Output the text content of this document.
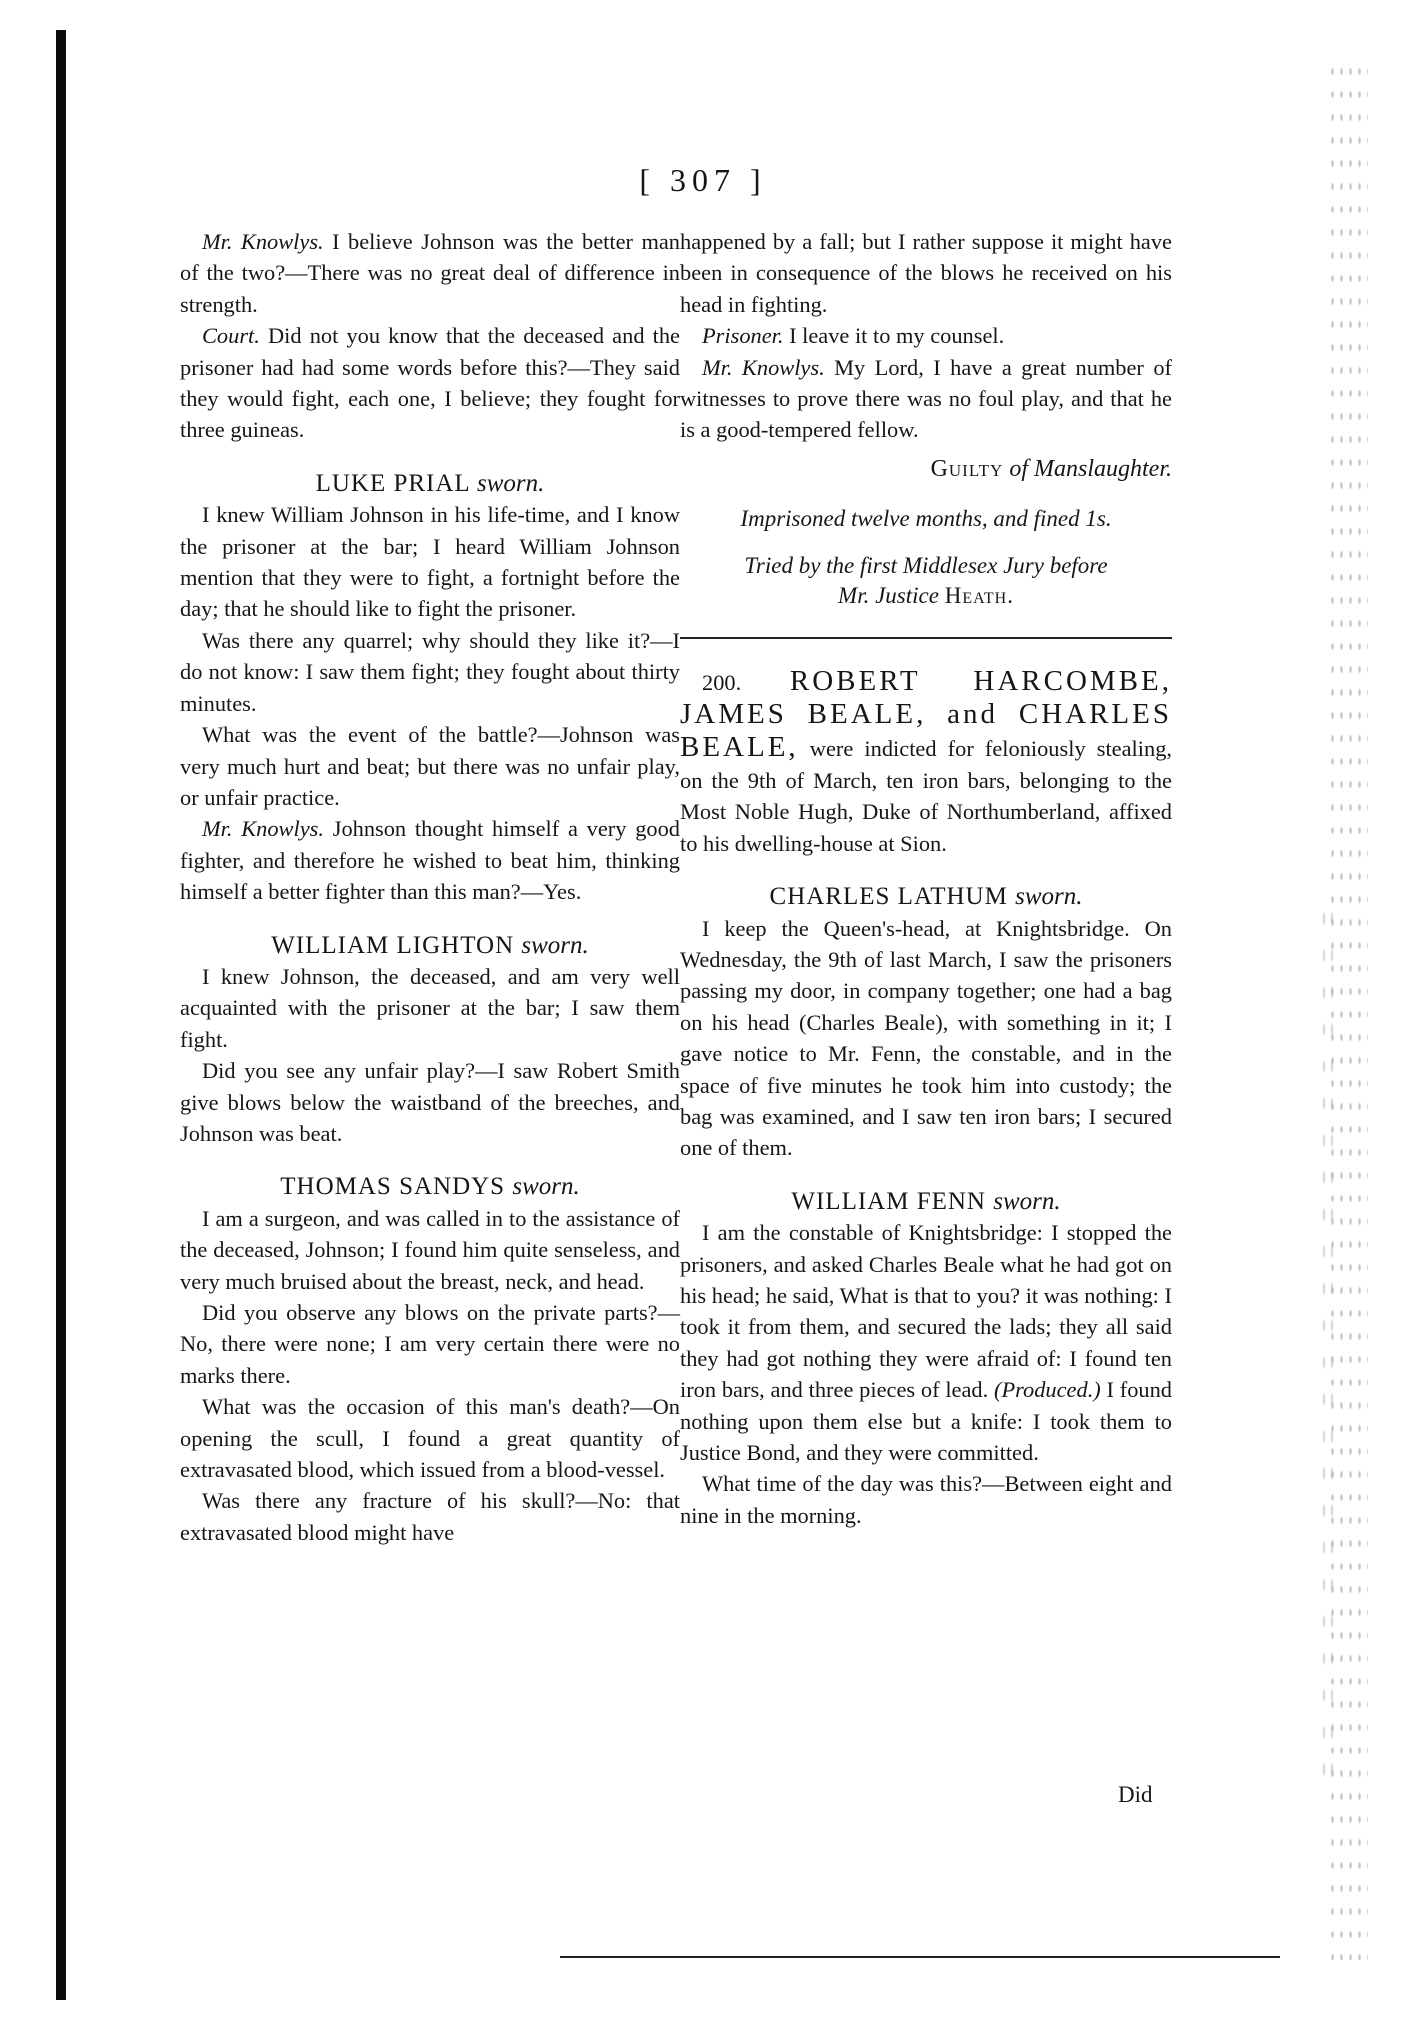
[ 307 ]

Mr. Knowlys. I believe Johnson was the better man of the two?—There was no great deal of difference in strength.

Court. Did not you know that the deceased and the prisoner had had some words before this?—They said they would fight, each one, I believe; they fought for three guineas.

LUKE PRIAL sworn.

I knew William Johnson in his life-time, and I know the prisoner at the bar; I heard William Johnson mention that they were to fight, a fortnight before the day; that he should like to fight the prisoner.

Was there any quarrel; why should they like it?—I do not know: I saw them fight; they fought about thirty minutes.

What was the event of the battle?—Johnson was very much hurt and beat; but there was no unfair play, or unfair practice.

Mr. Knowlys. Johnson thought himself a very good fighter, and therefore he wished to beat him, thinking himself a better fighter than this man?—Yes.

WILLIAM LIGHTON sworn.

I knew Johnson, the deceased, and am very well acquainted with the prisoner at the bar; I saw them fight.

Did you see any unfair play?—I saw Robert Smith give blows below the waistband of the breeches, and Johnson was beat.

THOMAS SANDYS sworn.

I am a surgeon, and was called in to the assistance of the deceased, Johnson; I found him quite senseless, and very much bruised about the breast, neck, and head.

Did you observe any blows on the private parts?—No, there were none; I am very certain there were no marks there.

What was the occasion of this man's death?—On opening the scull, I found a great quantity of extravasated blood, which issued from a blood-vessel.

Was there any fracture of his skull?—No: that extravasated blood might have

happened by a fall; but I rather suppose it might have been in consequence of the blows he received on his head in fighting.

Prisoner. I leave it to my counsel.

Mr. Knowlys. My Lord, I have a great number of witnesses to prove there was no foul play, and that he is a good-tempered fellow.

Guilty of Manslaughter.

Imprisoned twelve months, and fined 1s.

Tried by the first Middlesex Jury before
Mr. Justice Heath.

200. ROBERT HARCOMBE, JAMES BEALE, and CHARLES BEALE, were indicted for feloniously stealing, on the 9th of March, ten iron bars, belonging to the Most Noble Hugh, Duke of Northumberland, affixed to his dwelling-house at Sion.

CHARLES LATHUM sworn.

I keep the Queen's-head, at Knightsbridge. On Wednesday, the 9th of last March, I saw the prisoners passing my door, in company together; one had a bag on his head (Charles Beale), with something in it; I gave notice to Mr. Fenn, the constable, and in the space of five minutes he took him into custody; the bag was examined, and I saw ten iron bars; I secured one of them.

WILLIAM FENN sworn.

I am the constable of Knightsbridge: I stopped the prisoners, and asked Charles Beale what he had got on his head; he said, What is that to you? it was nothing: I took it from them, and secured the lads; they all said they had got nothing they were afraid of: I found ten iron bars, and three pieces of lead. (Produced.) I found nothing upon them else but a knife: I took them to Justice Bond, and they were committed.

What time of the day was this?—Between eight and nine in the morning.

Did
